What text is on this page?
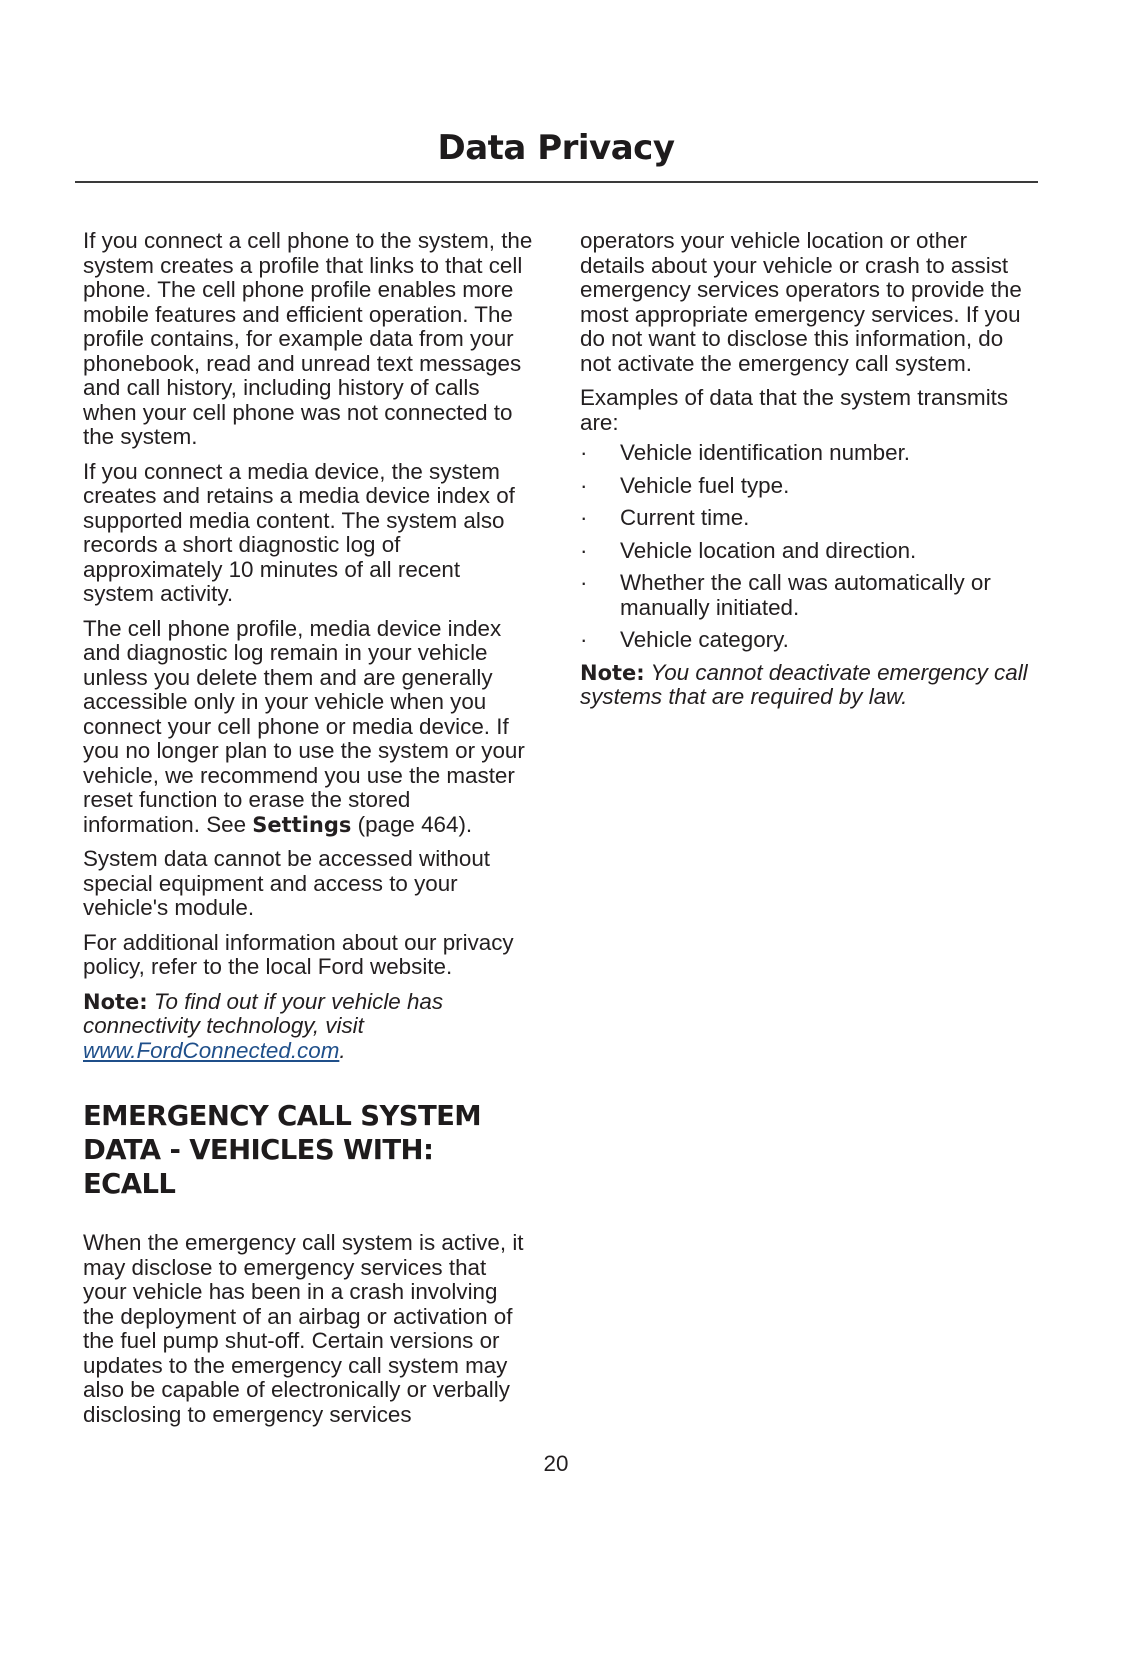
Data Privacy

If you connect a cell phone to the system, the system creates a profile that links to that cell phone. The cell phone profile enables more mobile features and efficient operation. The profile contains, for example data from your phonebook, read and unread text messages and call history, including history of calls when your cell phone was not connected to the system.

If you connect a media device, the system creates and retains a media device index of supported media content. The system also records a short diagnostic log of approximately 10 minutes of all recent system activity.

The cell phone profile, media device index and diagnostic log remain in your vehicle unless you delete them and are generally accessible only in your vehicle when you connect your cell phone or media device. If you no longer plan to use the system or your vehicle, we recommend you use the master reset function to erase the stored information. See Settings (page 464).

System data cannot be accessed without special equipment and access to your vehicle's module.

For additional information about our privacy policy, refer to the local Ford website.

Note: To find out if your vehicle has connectivity technology, visit www.FordConnected.com.

EMERGENCY CALL SYSTEM DATA - VEHICLES WITH: ECALL

When the emergency call system is active, it may disclose to emergency services that your vehicle has been in a crash involving the deployment of an airbag or activation of the fuel pump shut-off. Certain versions or updates to the emergency call system may also be capable of electronically or verbally disclosing to emergency services

operators your vehicle location or other details about your vehicle or crash to assist emergency services operators to provide the most appropriate emergency services. If you do not want to disclose this information, do not activate the emergency call system.

Examples of data that the system transmits are:

· Vehicle identification number.
· Vehicle fuel type.
· Current time.
· Vehicle location and direction.
· Whether the call was automatically or manually initiated.
· Vehicle category.

Note: You cannot deactivate emergency call systems that are required by law.

20
